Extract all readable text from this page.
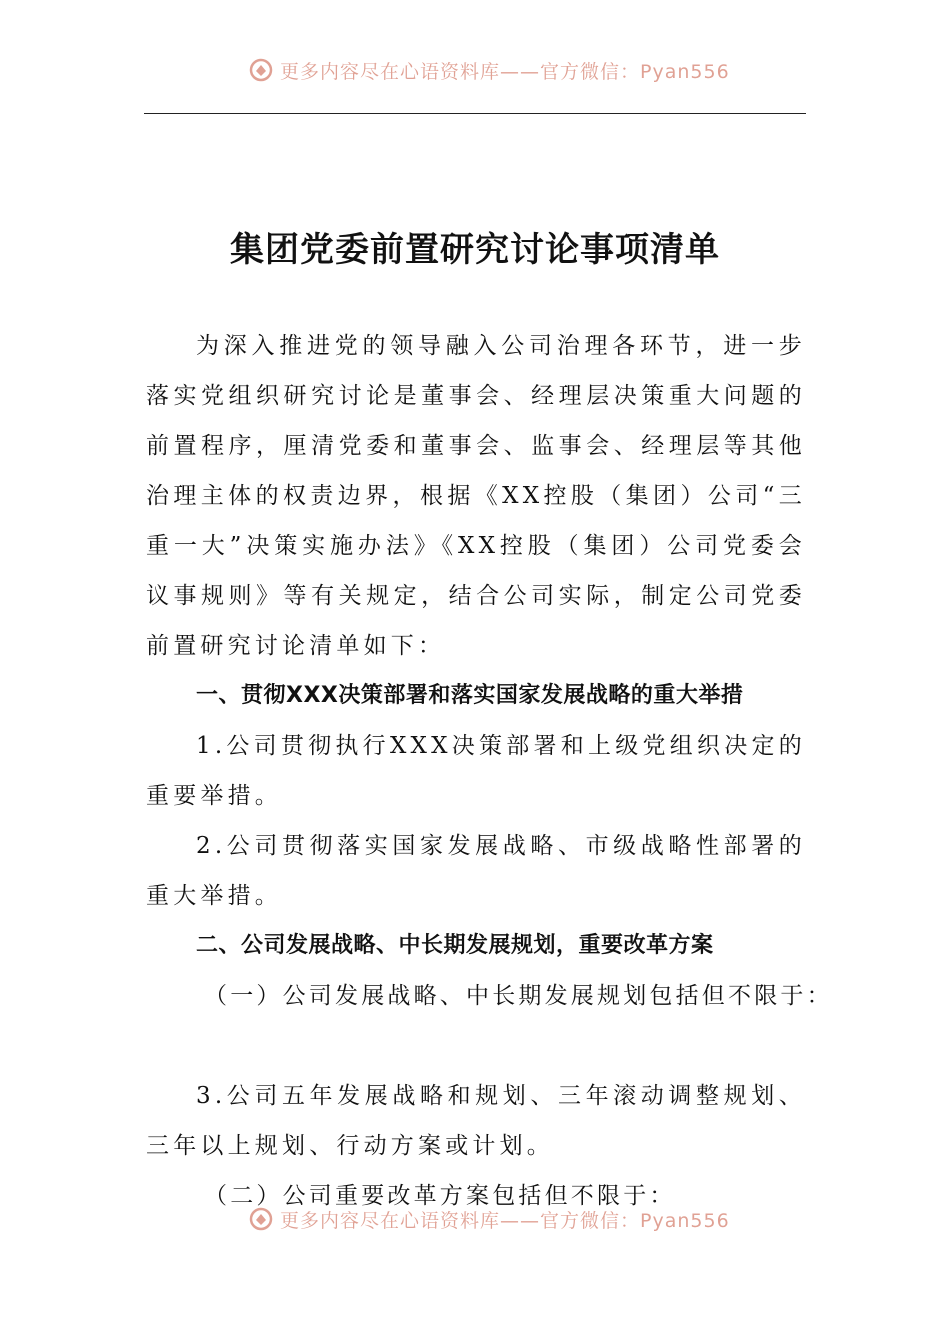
更多内容尽在心语资料库——官方微信：Pyan556
集团党委前置研究讨论事项清单

为深入推进党的领导融入公司治理各环节，进一步落实党组织研究讨论是董事会、经理层决策重大问题的前置程序，厘清党委和董事会、监事会、经理层等其他治理主体的权责边界，根据《XX控股（集团）公司“三重一大”决策实施办法》《XX控股（集团）公司党委会议事规则》等有关规定，结合公司实际，制定公司党委前置研究讨论清单如下：

一、贯彻XXX决策部署和落实国家发展战略的重大举措

1.公司贯彻执行XXX决策部署和上级党组织决定的重要举措。

2.公司贯彻落实国家发展战略、市级战略性部署的重大举措。

二、公司发展战略、中长期发展规划，重要改革方案

（一）公司发展战略、中长期发展规划包括但不限于：

3.公司五年发展战略和规划、三年滚动调整规划、三年以上规划、行动方案或计划。

（二）公司重要改革方案包括但不限于：

更多内容尽在心语资料库——官方微信：Pyan556
